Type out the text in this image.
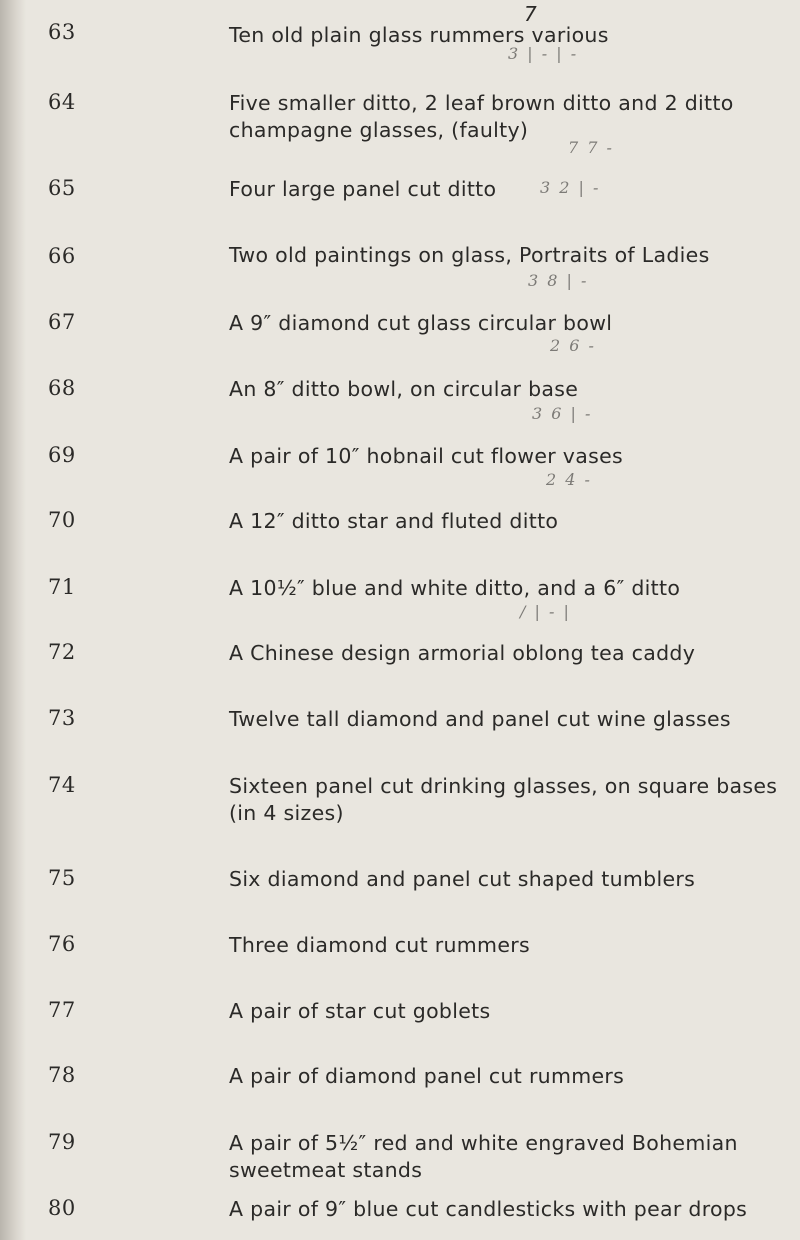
7
63
64
65
66
67
68
69
70
71
72
73
74
75
76
77
78
79
80
Ten old plain glass rummers various
Five smaller ditto, 2 leaf brown ditto and 2 ditto
champagne glasses, (faulty)
Four large panel cut ditto
Two old paintings on glass, Portraits of Ladies
A 9″ diamond cut glass circular bowl
An 8″ ditto bowl, on circular base
A pair of 10″ hobnail cut flower vases
A 12″ ditto star and fluted ditto
A 10½″ blue and white ditto, and a 6″ ditto
A Chinese design armorial oblong tea caddy
Twelve tall diamond and panel cut wine glasses
Sixteen panel cut drinking glasses, on square bases
(in 4 sizes)
Six diamond and panel cut shaped tumblers
Three diamond cut rummers
A pair of star cut goblets
A pair of diamond panel cut rummers
A pair of 5½″ red and white engraved Bohemian
sweetmeat stands
A pair of 9″ blue cut candlesticks with pear drops
3 | - | -
7 7 -
3 2 | -
3 8 | -
2 6 -
3 6 | -
2 4 -
/ | - |
